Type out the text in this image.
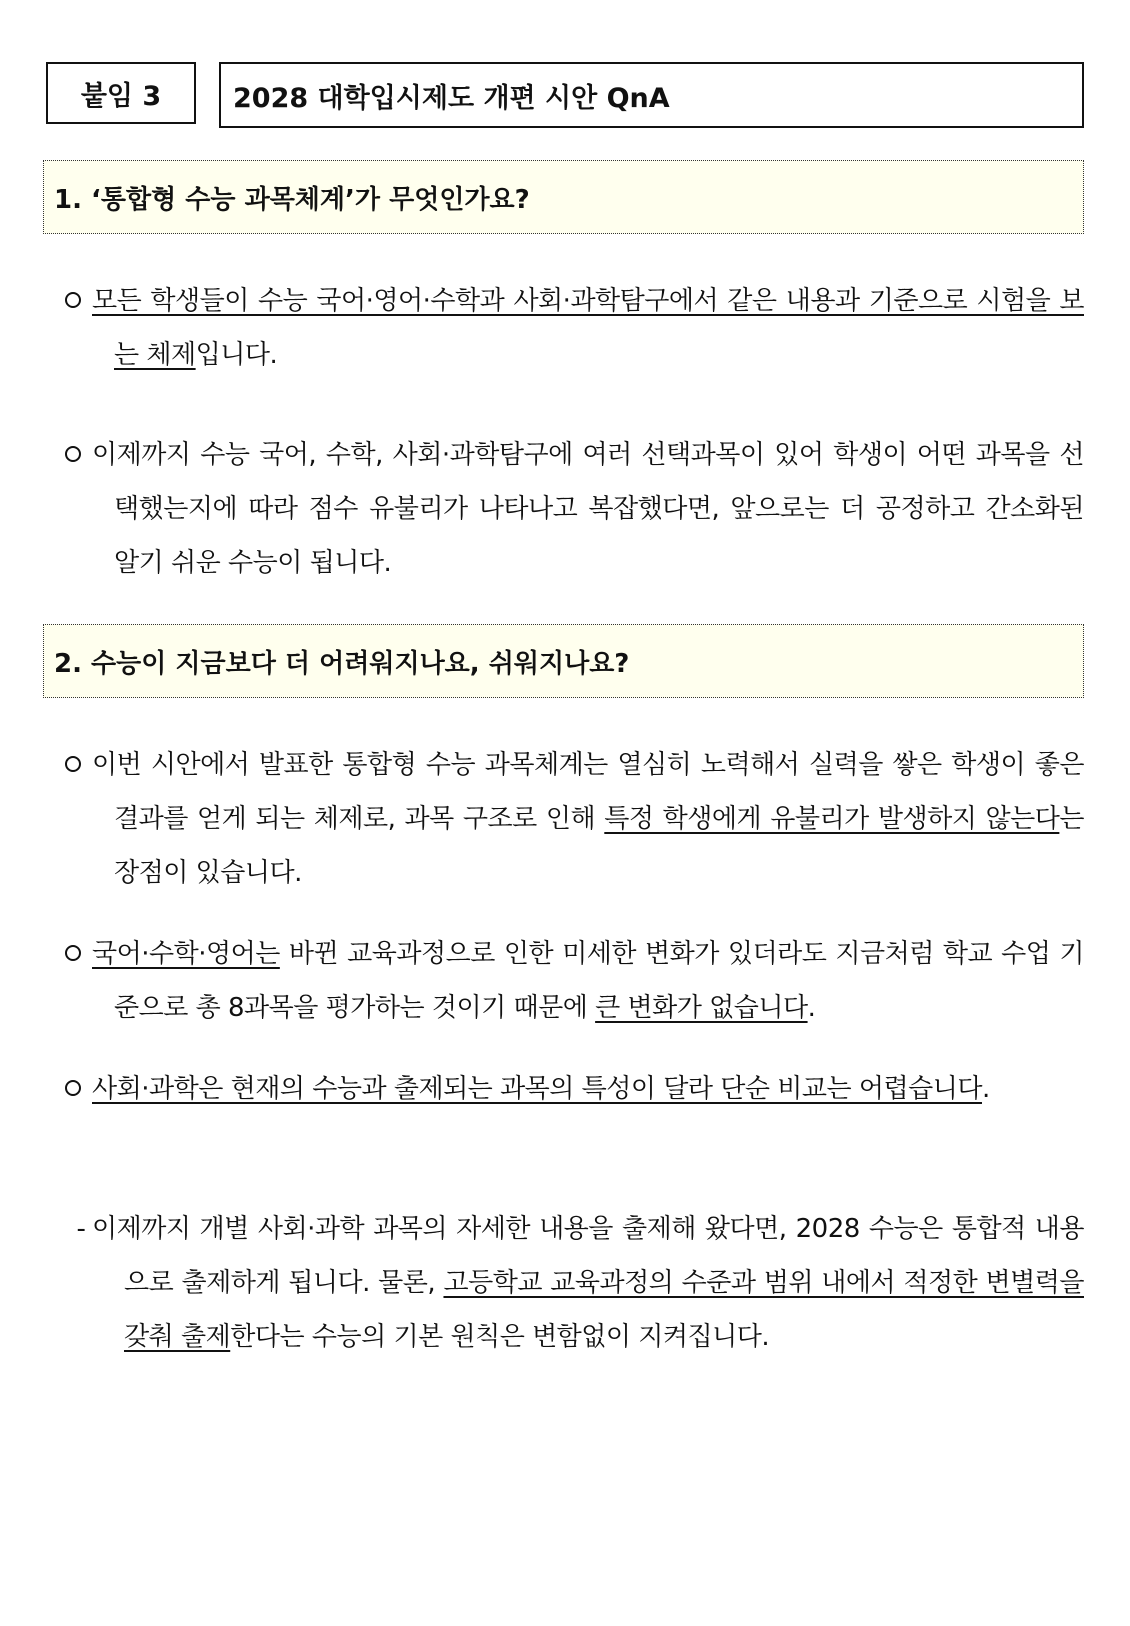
붙임 3	2028 대학입시제도 개편 시안 QnA
1. ‘통합형 수능 과목체계’가 무엇인가요?
모든 학생들이 수능 국어·영어·수학과 사회·과학탐구에서 같은 내용과 기준으로 시험을 보는 체제입니다.
이제까지 수능 국어, 수학, 사회·과학탐구에 여러 선택과목이 있어 학생이 어떤 과목을 선택했는지에 따라 점수 유불리가 나타나고 복잡했다면, 앞으로는 더 공정하고 간소화된 알기 쉬운 수능이 됩니다.
2. 수능이 지금보다 더 어려워지나요, 쉬워지나요?
이번 시안에서 발표한 통합형 수능 과목체계는 열심히 노력해서 실력을 쌓은 학생이 좋은 결과를 얻게 되는 체제로, 과목 구조로 인해 특정 학생에게 유불리가 발생하지 않는다는 장점이 있습니다.
국어·수학·영어는 바뀐 교육과정으로 인한 미세한 변화가 있더라도 지금처럼 학교 수업 기준으로 총 8과목을 평가하는 것이기 때문에 큰 변화가 없습니다.
사회·과학은 현재의 수능과 출제되는 과목의 특성이 달라 단순 비교는 어렵습니다.
- 이제까지 개별 사회·과학 과목의 자세한 내용을 출제해 왔다면, 2028 수능은 통합적 내용으로 출제하게 됩니다. 물론, 고등학교 교육과정의 수준과 범위 내에서 적정한 변별력을 갖춰 출제한다는 수능의 기본 원칙은 변함없이 지켜집니다.
